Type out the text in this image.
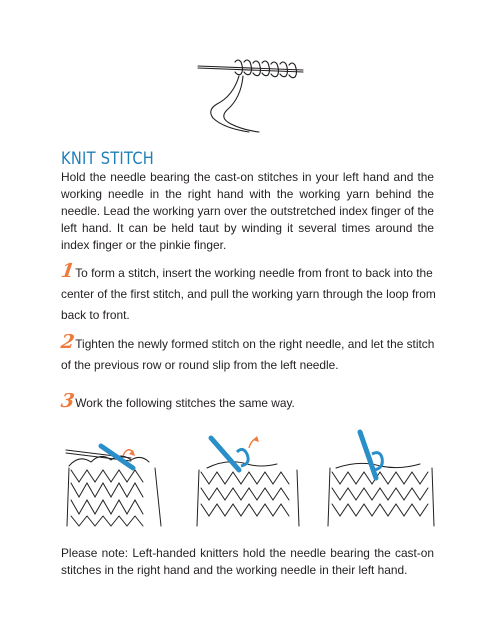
KNIT STITCH

Hold the needle bearing the cast-on stitches in your left hand and the working needle in the right hand with the working yarn behind the needle. Lead the working yarn over the outstretched index finger of the left hand. It can be held taut by winding it several times around the index finger or the pinkie finger.

1To form a stitch, insert the working needle from front to back into the center of the first stitch, and pull the working yarn through the loop from back to front.

2Tighten the newly formed stitch on the right needle, and let the stitch of the previous row or round slip from the left needle.

3Work the following stitches the same way.

Please note: Left-handed knitters hold the needle bearing the cast-on stitches in the right hand and the working needle in their left hand.
